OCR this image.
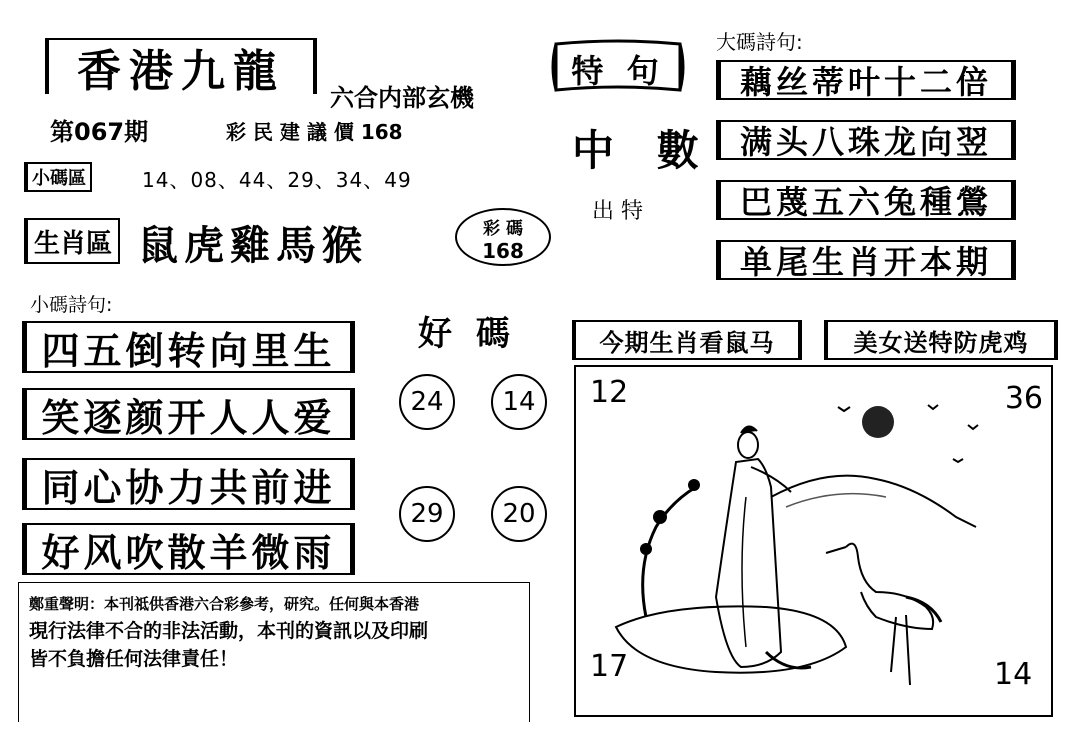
香港九龍
六合内部玄機
第067期	彩 民 建 議 價 168
小碼區	14、08、44、29、34、49
生肖區 鼠虎雞馬猴	彩 碼
168
小碼詩句:
四五倒转向里生
笑逐颜开人人爱
同心协力共前进
好风吹散羊微雨
好 碼
24	14
29	20
特 句
中 數
出 特
大碼詩句:
藕丝蒂叶十二倍
满头八珠龙向翌
巴蔑五六兔種鶯
单尾生肖开本期
今期生肖看鼠马	美女送特防虎鸡
12	36
17	14
鄭重聲明：本刊祗供香港六合彩參考，研究。任何與本香港
現行法律不合的非法活動，本刊的資訊以及印刷
皆不負擔任何法律責任！
